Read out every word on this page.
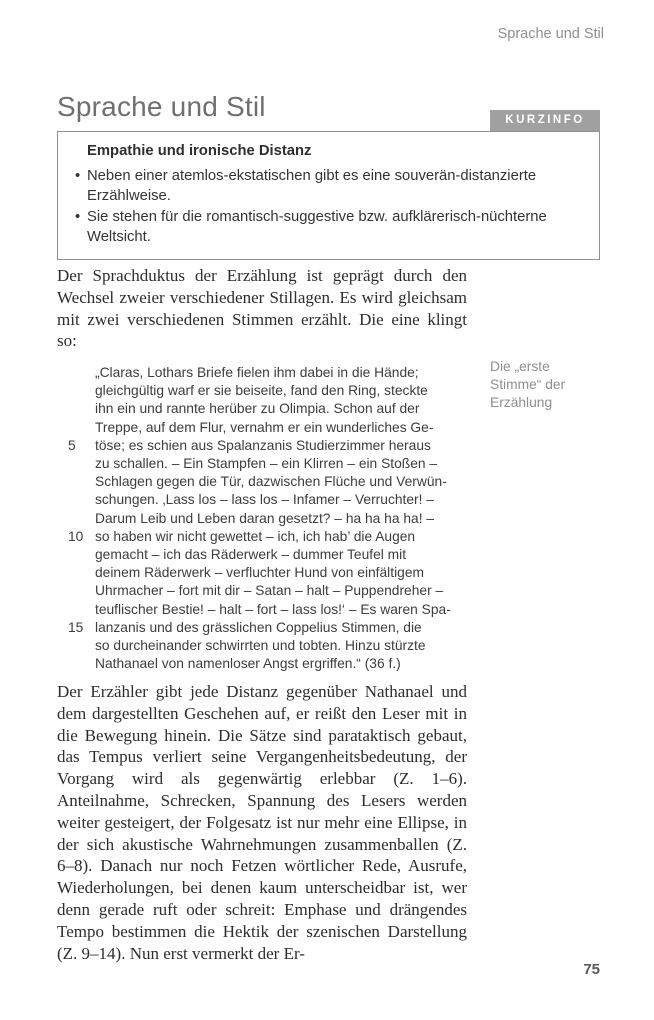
Sprache und Stil
Sprache und Stil	KURZINFO
Empathie und ironische Distanz
• Neben einer atemlos-ekstatischen gibt es eine souverän-distanzierte Erzählweise.
• Sie stehen für die romantisch-suggestive bzw. aufklärerisch-nüchterne Weltsicht.

Der Sprachduktus der Erzählung ist geprägt durch den Wechsel zweier verschiedener Stillagen. Es wird gleichsam mit zwei verschiedenen Stimmen erzählt. Die eine klingt so:

„Claras, Lothars Briefe fielen ihm dabei in die Hände;
gleichgültig warf er sie beiseite, fand den Ring, steckte
ihn ein und rannte herüber zu Olimpia. Schon auf der
Treppe, auf dem Flur, vernahm er ein wunderliches Ge-
5	töse; es schien aus Spalanzanis Studierzimmer heraus
zu schallen. – Ein Stampfen – ein Klirren – ein Stoßen –
Schlagen gegen die Tür, dazwischen Flüche und Verwün-
schungen. ‚Lass los – lass los – Infamer – Verruchter! –
Darum Leib und Leben daran gesetzt? – ha ha ha ha! –
10 so haben wir nicht gewettet – ich, ich hab’ die Augen
gemacht – ich das Räderwerk – dummer Teufel mit
deinem Räderwerk – verfluchter Hund von einfältigem
Uhrmacher – fort mit dir – Satan – halt – Puppendreher –
teuflischer Bestie! – halt – fort – lass los!‘ – Es waren Spa-
15 lanzanis und des grässlichen Coppelius Stimmen, die
so durcheinander schwirrten und tobten. Hinzu stürzte
Nathanael von namenloser Angst ergriffen.“ (36 f.)
Die „erste Stimme“ der Erzählung

Der Erzähler gibt jede Distanz gegenüber Nathanael und dem dargestellten Geschehen auf, er reißt den Leser mit in die Bewegung hinein. Die Sätze sind parataktisch gebaut, das Tempus verliert seine Vergangenheitsbedeutung, der Vorgang wird als gegenwärtig erlebbar (Z. 1–6). Anteilnahme, Schrecken, Spannung des Lesers werden weiter gesteigert, der Folgesatz ist nur mehr eine Ellipse, in der sich akustische Wahrnehmungen zusammenballen (Z. 6–8). Danach nur noch Fetzen wörtlicher Rede, Ausrufe, Wiederholungen, bei denen kaum unterscheidbar ist, wer denn gerade ruft oder schreit: Emphase und drängendes Tempo bestimmen die Hektik der szenischen Darstellung (Z. 9–14). Nun erst vermerkt der Er-

75
